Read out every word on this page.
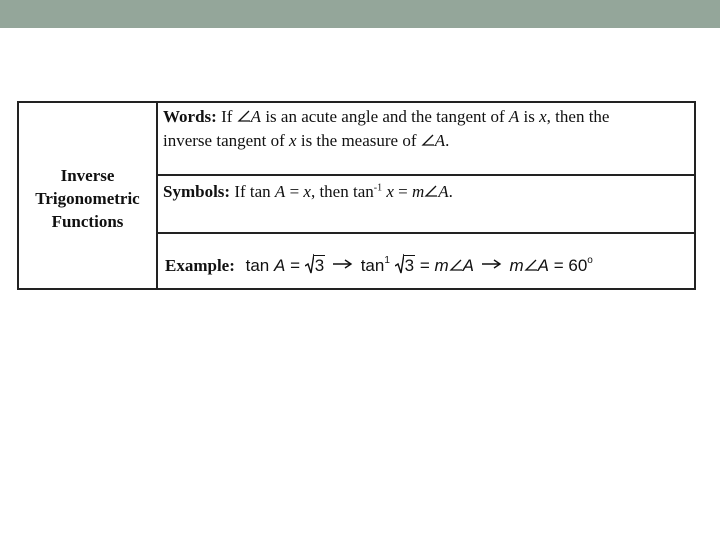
Inverse
Trigonometric
Functions
Words: If A is an acute angle and the tangent of A is x, then the
inverse tangent of x is the measure of A.
Symbols: If tan A = x, then $\tan^{-1} x = m$ A.
Example: tan A = 3 $\tan^1 3 = m$ A m $A = 60^o$
